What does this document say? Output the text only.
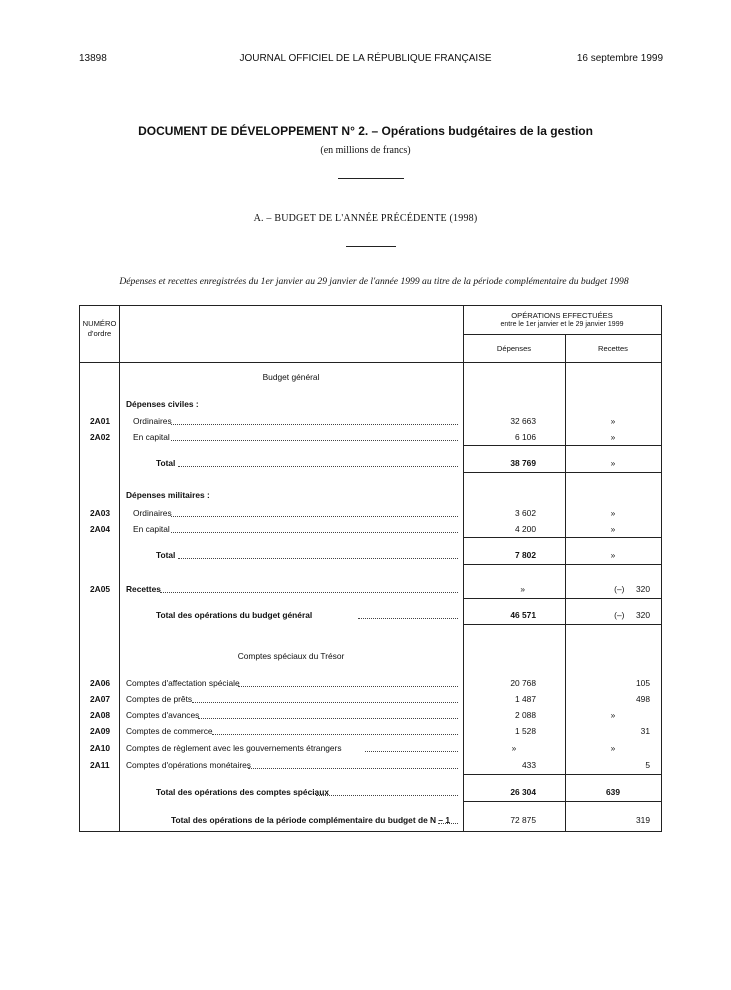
13898	JOURNAL OFFICIEL DE LA RÉPUBLIQUE FRANÇAISE	16 septembre 1999
DOCUMENT DE DÉVELOPPEMENT N° 2. – Opérations budgétaires de la gestion
(en millions de francs)
A. – BUDGET DE L'ANNÉE PRÉCÉDENTE (1998)
Dépenses et recettes enregistrées du 1er janvier au 29 janvier de l'année 1999 au titre de la période complémentaire du budget 1998
NUMÉRO
d'ordre
OPÉRATIONS EFFECTUÉES
entre le 1er janvier et le 29 janvier 1999
Dépenses	Recettes
Budget général
Dépenses civiles :
2A01	Ordinaires	32 663	»
2A02	En capital	6 106	»
Total	38 769	»
Dépenses militaires :
2A03	Ordinaires	3 602	»
2A04	En capital	4 200	»
Total	7 802	»
2A05 Recettes	»	(–)     320
Total des opérations du budget général	46 571	(–)     320
Comptes spéciaux du Trésor
2A06 Comptes d'affectation spéciale	20 768	105
2A07 Comptes de prêts	1 487	498
2A08 Comptes d'avances	2 088	»
2A09 Comptes de commerce	1 528	31
2A10 Comptes de règlement avec les gouvernements étrangers	»	»
2A11 Comptes d'opérations monétaires	433	5
Total des opérations des comptes spéciaux	26 304	639
Total des opérations de la période complémentaire du budget de N – 1	72 875	319
